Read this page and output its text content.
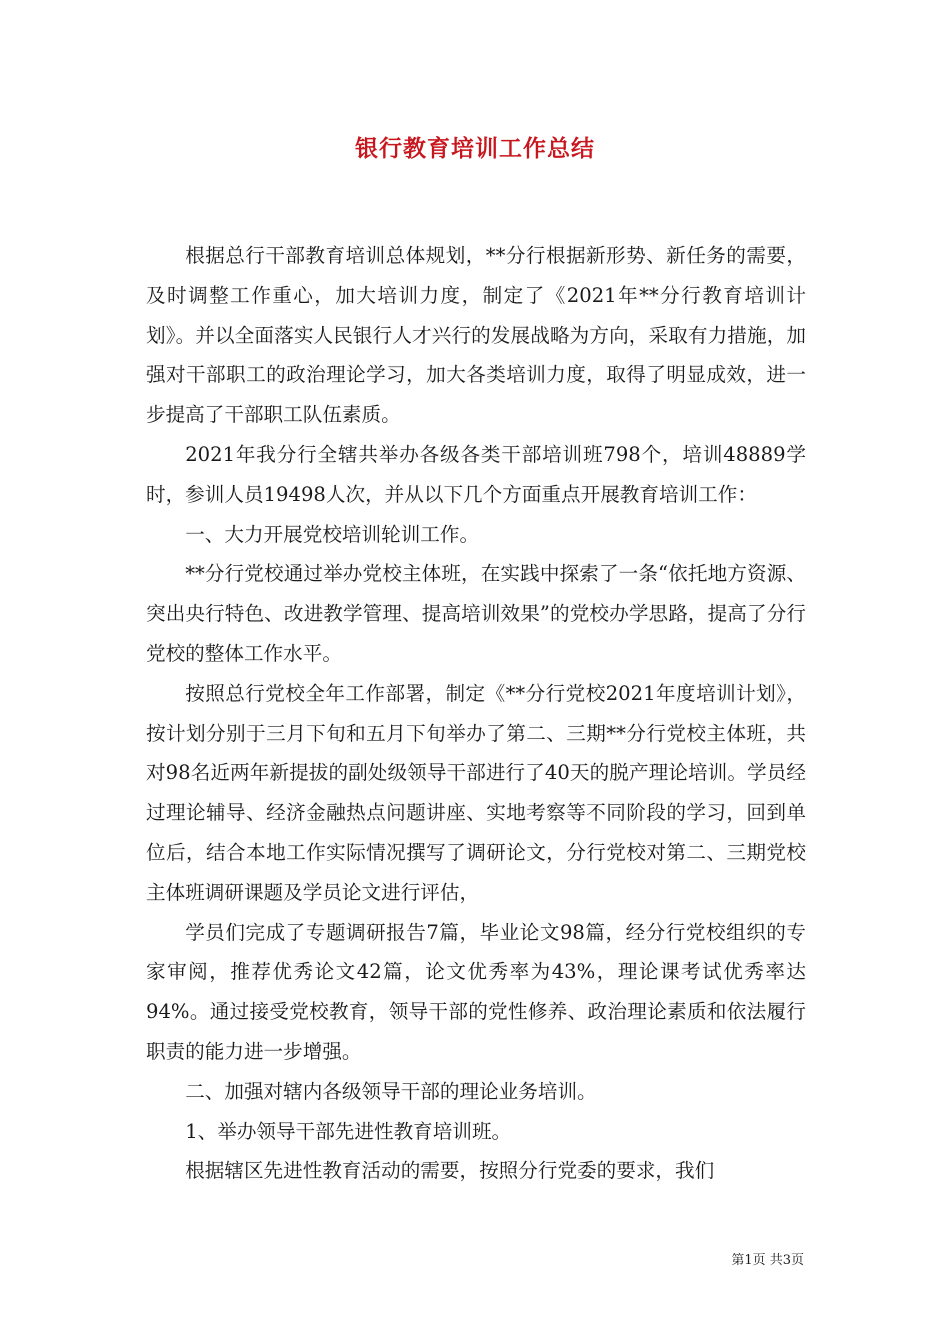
银行教育培训工作总结

根据总行干部教育培训总体规划，**分行根据新形势、新任务的需要，及时调整工作重心，加大培训力度，制定了《2021年**分行教育培训计划》。并以全面落实人民银行人才兴行的发展战略为方向，采取有力措施，加强对干部职工的政治理论学习，加大各类培训力度，取得了明显成效，进一步提高了干部职工队伍素质。

2021年我分行全辖共举办各级各类干部培训班798个，培训48889学时，参训人员19498人次，并从以下几个方面重点开展教育培训工作：

一、大力开展党校培训轮训工作。

**分行党校通过举办党校主体班，在实践中探索了一条“依托地方资源、突出央行特色、改进教学管理、提高培训效果”的党校办学思路，提高了分行党校的整体工作水平。

按照总行党校全年工作部署，制定《**分行党校2021年度培训计划》，按计划分别于三月下旬和五月下旬举办了第二、三期**分行党校主体班，共对98名近两年新提拔的副处级领导干部进行了40天的脱产理论培训。学员经过理论辅导、经济金融热点问题讲座、实地考察等不同阶段的学习，回到单位后，结合本地工作实际情况撰写了调研论文，分行党校对第二、三期党校主体班调研课题及学员论文进行评估，

学员们完成了专题调研报告7篇，毕业论文98篇，经分行党校组织的专家审阅，推荐优秀论文42篇，论文优秀率为43%，理论课考试优秀率达94%。通过接受党校教育，领导干部的党性修养、政治理论素质和依法履行职责的能力进一步增强。

二、加强对辖内各级领导干部的理论业务培训。

1、举办领导干部先进性教育培训班。

根据辖区先进性教育活动的需要，按照分行党委的要求，我们

第1页 共3页
